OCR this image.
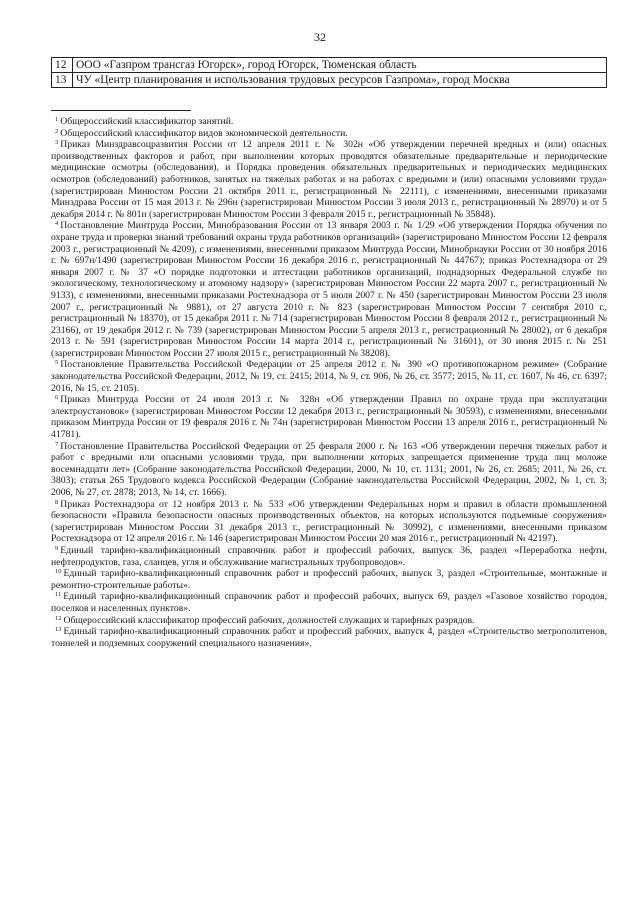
32
12	ООО «Газпром трансгаз Югорск», город Югорск, Тюменская область
13	ЧУ «Центр планирования и использования трудовых ресурсов Газпрома», город Москва

$^1$ Общероссийский классификатор занятий.

$^2$ Общероссийский классификатор видов экономической деятельности.

$^3$ Приказ Минздравсоцразвития России от 12 апреля 2011 г. № 302н «Об утверждении перечней вредных и (или) опасных производственных факторов и работ, при выполнении которых проводятся обязательные предварительные и периодические медицинские осмотры (обследования), и Порядка проведения обязательных предварительных и периодических медицинских осмотров (обследований) работников, занятых на тяжелых работах и на работах с вредными и (или) опасными условиями труда» (зарегистрирован Минюстом России 21 октября 2011 г., регистрационный № 22111), с изменениями, внесенными приказами Минздрава России от 15 мая 2013 г. № 296н (зарегистрирован Минюстом России 3 июля 2013 г., регистрационный № 28970) и от 5 декабря 2014 г. № 801н (зарегистрирован Минюстом России 3 февраля 2015 г., регистрационный № 35848).

$^4$ Постановление Минтруда России, Минобразования России от 13 января 2003 г. № 1/29 «Об утверждении Порядка обучения по охране труда и проверки знаний требований охраны труда работников организаций» (зарегистрировано Минюстом России 12 февраля 2003 г., регистрационный № 4209), с изменениями, внесенными приказом Минтруда России, Минобрнауки России от 30 ноября 2016 г. № 697н/1490 (зарегистрирован Минюстом России 16 декабря 2016 г., регистрационный № 44767); приказ Ростехнадзора от 29 января 2007 г. № 37 «О порядке подготовки и аттестации работников организаций, поднадзорных Федеральной службе по экологическому, технологическому и атомному надзору» (зарегистрирован Минюстом России 22 марта 2007 г., регистрационный № 9133), с изменениями, внесенными приказами Ростехнадзора от 5 июля 2007 г. № 450 (зарегистрирован Минюстом России 23 июля 2007 г., регистрационный № 9881), от 27 августа 2010 г. № 823 (зарегистрирован Минюстом России 7 сентября 2010 г., регистрационный № 18370), от 15 декабря 2011 г. № 714 (зарегистрирован Минюстом России 8 февраля 2012 г., регистрационный № 23166), от 19 декабря 2012 г. № 739 (зарегистрирован Минюстом России 5 апреля 2013 г., регистрационный № 28002), от 6 декабря 2013 г. № 591 (зарегистрирован Минюстом России 14 марта 2014 г., регистрационный № 31601), от 30 июня 2015 г. № 251 (зарегистрирован Минюстом России 27 июля 2015 г., регистрационный № 38208).

$^5$ Постановление Правительства Российской Федерации от 25 апреля 2012 г. № 390 «О противопожарном режиме» (Собрание законодательства Российской Федерации, 2012, № 19, ст. 2415; 2014, № 9, ст. 906, № 26, ст. 3577; 2015, № 11, ст. 1607, № 46, ст. 6397; 2016, № 15, ст. 2105).

$^6$ Приказ Минтруда России от 24 июля 2013 г. № 328н «Об утверждении Правил по охране труда при эксплуатации электроустановок» (зарегистрирован Минюстом России 12 декабря 2013 г., регистрационный № 30593), с изменениями, внесенными приказом Минтруда России от 19 февраля 2016 г. № 74н (зарегистрирован Минюстом России 13 апреля 2016 г., регистрационный № 41781).

$^7$ Постановление Правительства Российской Федерации от 25 февраля 2000 г. № 163 «Об утверждении перечня тяжелых работ и работ с вредными или опасными условиями труда, при выполнении которых запрещается применение труда лиц моложе восемнадцати лет» (Собрание законодательства Российской Федерации, 2000, № 10, ст. 1131; 2001, № 26, ст. 2685; 2011, № 26, ст. 3803); статья 265 Трудового кодекса Российской Федерации (Собрание законодательства Российской Федерации, 2002, № 1, ст. 3; 2006, № 27, ст. 2878; 2013, № 14, ст. 1666).

$^8$ Приказ Ростехнадзора от 12 ноября 2013 г. № 533 «Об утверждении Федеральных норм и правил в области промышленной безопасности «Правила безопасности опасных производственных объектов, на которых используются подъемные сооружения» (зарегистрирован Минюстом России 31 декабря 2013 г., регистрационный № 30992), с изменениями, внесенными приказом Ростехнадзора от 12 апреля 2016 г. № 146 (зарегистрирован Минюстом России 20 мая 2016 г., регистрационный № 42197).

$^9$ Единый тарифно-квалификационный справочник работ и профессий рабочих, выпуск 36, раздел «Переработка нефти, нефтепродуктов, газа, сланцев, угля и обслуживание магистральных трубопроводов».

$^{10}$ Единый тарифно-квалификационный справочник работ и профессий рабочих, выпуск 3, раздел «Строительные, монтажные и ремонтно-строительные работы».

$^{11}$ Единый тарифно-квалификационный справочник работ и профессий рабочих, выпуск 69, раздел «Газовое хозяйство городов, поселков и населенных пунктов».

$^{12}$ Общероссийский классификатор профессий рабочих, должностей служащих и тарифных разрядов.

$^{13}$ Единый тарифно-квалификационный справочник работ и профессий рабочих, выпуск 4, раздел «Строительство метрополитенов, тоннелей и подземных сооружений специального назначения».
